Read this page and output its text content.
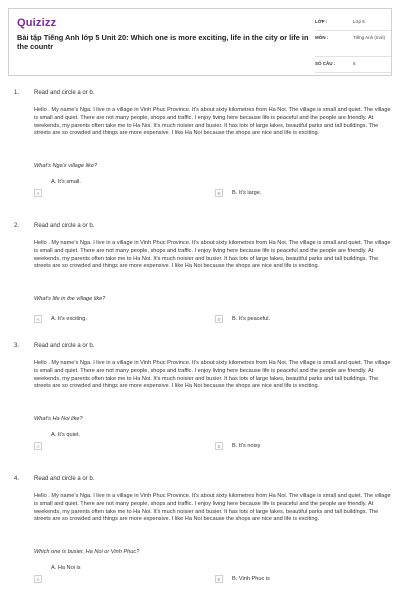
Quizizz
Bài tập Tiếng Anh lớp 5 Unit 20: Which one is more exciting, life in the city or life in the countr
LỚP :	Lớp 5
MÔN :	Tiếng Anh (mới)
SỐ CÂU :	5
1. Read and circle a or b.
Hello . My name's Nga. I live in a village in Vinh Phuc Province. It's about sixty kilometres from Ha Noi. The village is small and quiet. The village is small and quiet. There are not many people, shops and traffic. I enjoy living here because life is peaceful and the people are friendly. At weekends, my parents often take me to Ha Noi. It's much noisier and busier. It has lots of large lakes, beautiful parks and tall buildings. The streets are so crowded and things are more expensive. I like Ha Noi because the shops are nice and life is exciting.
What's Nga's village like?
A
A. It's small.
B	B. It's large.
2. Read and circle a or b.
Hello . My name's Nga. I live in a village in Vinh Phuc Province. It's about sixty kilometres from Ha Noi. The village is small and quiet. The village is small and quiet. There are not many people, shops and traffic. I enjoy living here because life is peaceful and the people are friendly. At weekends, my parents often take me to Ha Noi. It's much noisier and busier. It has lots of large lakes, beautiful parks and tall buildings. The streets are so crowded and things are more expensive. I like Ha Noi because the shops are nice and life is exciting.
What's life in the village like?
A	A. It's exciting.	B	B. It's peaceful.
3. Read and circle a or b.
Hello . My name's Nga. I live in a village in Vinh Phuc Province. It's about sixty kilometres from Ha Noi. The village is small and quiet. The village is small and quiet. There are not many people, shops and traffic. I enjoy living here because life is peaceful and the people are friendly. At weekends, my parents often take me to Ha Noi. It's much noisier and busier. It has lots of large lakes, beautiful parks and tall buildings. The streets are so crowded and things are more expensive. I like Ha Noi because the shops are nice and life is exciting.
What's Ha Noi like?
A
A. It's quiet.
B	B. It's noisy
4. Read and circle a or b.
Hello . My name's Nga. I live in a village in Vinh Phuc Province. It's about sixty kilometres from Ha Noi. The village is small and quiet. The village is small and quiet. There are not many people, shops and traffic. I enjoy living here because life is peaceful and the people are friendly. At weekends, my parents often take me to Ha Noi. It's much noisier and busier. It has lots of large lakes, beautiful parks and tall buildings. The streets are so crowded and things are more expensive. I like Ha Noi because the shops are nice and life is exciting.
Which one is busier, Ha Noi or Vinh Phuc?
A
A. Ha Noi is
B	B. Vinh Phuc is
